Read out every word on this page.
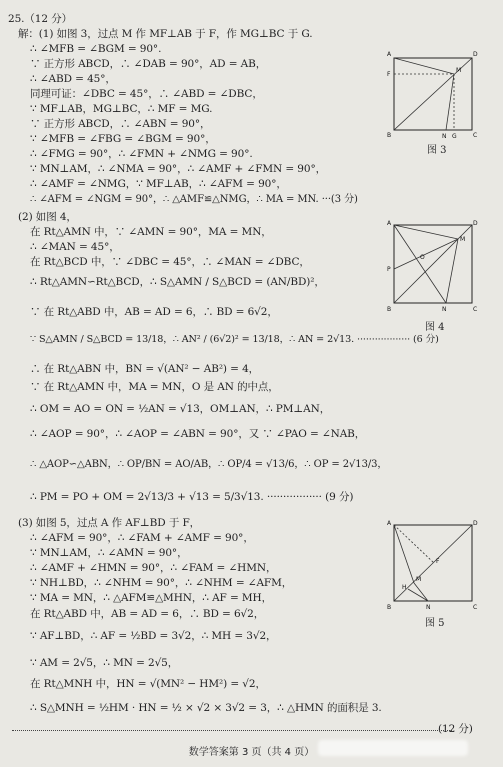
25.（12 分）
解：(1) 如图 3，过点 M 作 MF⊥AB 于 F，作 MG⊥BC 于 G.
∴ ∠MFB = ∠BGM = 90°.
∵ 正方形 ABCD，∴ ∠DAB = 90°，AD = AB，
∴ ∠ABD = 45°，
同理可证：∠DBC = 45°，∴ ∠ABD = ∠DBC，
∵ MF⊥AB，MG⊥BC，∴ MF = MG.
∵ 正方形 ABCD，∴ ∠ABN = 90°，
∵ ∠MFB = ∠FBG = ∠BGM = 90°，
∴ ∠FMG = 90°，∴ ∠FMN + ∠NMG = 90°.
∵ MN⊥AM，∴ ∠NMA = 90°，∴ ∠AMF + ∠FMN = 90°，
∴ ∠AMF = ∠NMG，∵ MF⊥AB，∴ ∠AFM = 90°，
∴ ∠AFM = ∠NGM = 90°，∴ △AMF≌△NMG，∴ MA = MN. ···(3 分)
(2) 如图 4，
在 Rt△AMN 中，∵ ∠AMN = 90°，MA = MN，
∴ ∠MAN = 45°，
在 Rt△BCD 中，∵ ∠DBC = 45°，∴ ∠MAN = ∠DBC，
∴ Rt△AMN∽Rt△BCD，∴ S△AMN / S△BCD = (AN/BD)²，
∵ 在 Rt△ABD 中，AB = AD = 6，∴ BD = 6√2，
∵ S△AMN / S△BCD = 13/18，∴ AN² / (6√2)² = 13/18，∴ AN = 2√13. ·················· (6 分)
∴ 在 Rt△ABN 中，BN = √(AN² − AB²) = 4，
∵ 在 Rt△AMN 中，MA = MN，O 是 AN 的中点，
∴ OM = AO = ON = ½AN = √13，OM⊥AN，∴ PM⊥AN，
∴ ∠AOP = 90°，∴ ∠AOP = ∠ABN = 90°，又 ∵ ∠PAO = ∠NAB，
∴ △AOP∽△ABN，∴ OP/BN = AO/AB，∴ OP/4 = √13/6，∴ OP = 2√13/3，
∴ PM = PO + OM = 2√13/3 + √13 = 5/3√13. ················· (9 分)
(3) 如图 5，过点 A 作 AF⊥BD 于 F，
∴ ∠AFM = 90°，∴ ∠FAM + ∠AMF = 90°，
∵ MN⊥AM，∴ ∠AMN = 90°，
∴ ∠AMF + ∠HMN = 90°，∴ ∠FAM = ∠HMN，
∵ NH⊥BD，∴ ∠NHM = 90°，∴ ∠NHM = ∠AFM，
∵ MA = MN，∴ △AFM≌△MHN，∴ AF = MH，
在 Rt△ABD 中，AB = AD = 6，∴ BD = 6√2，
∵ AF⊥BD，∴ AF = ½BD = 3√2，∴ MH = 3√2，
∵ AM = 2√5，∴ MN = 2√5，
在 Rt△MNH 中，HN = √(MN² − HM²) = √2，
∴ S△MNH = ½HM · HN = ½ × √2 × 3√2 = 3，∴ △HMN 的面积是 3.
(12 分)
A	D
B	C
F
M
N G
图 3
A	D
B	C
M
N
P
O
图 4
A	D
B	C
F
M
H
N
图 5
数学答案第 3 页（共 4 页）
